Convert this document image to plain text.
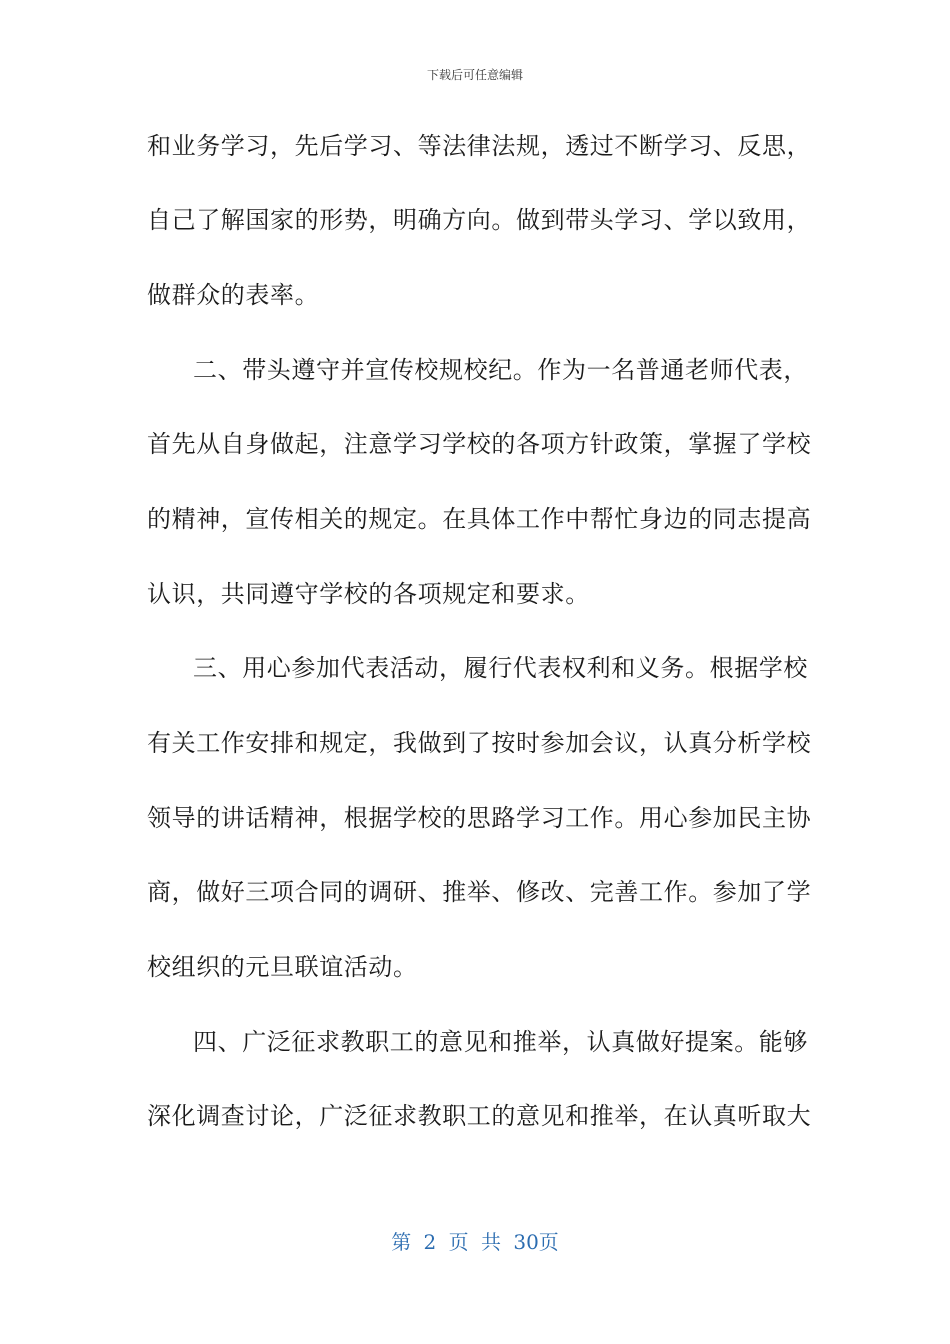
下载后可任意编辑
和业务学习，先后学习、等法律法规，透过不断学习、反思，
自己了解国家的形势，明确方向。做到带头学习、学以致用，
做群众的表率。
二、带头遵守并宣传校规校纪。作为一名普通老师代表，
首先从自身做起，注意学习学校的各项方针政策，掌握了学校
的精神，宣传相关的规定。在具体工作中帮忙身边的同志提高
认识，共同遵守学校的各项规定和要求。
三、用心参加代表活动，履行代表权利和义务。根据学校
有关工作安排和规定，我做到了按时参加会议，认真分析学校
领导的讲话精神，根据学校的思路学习工作。用心参加民主协
商，做好三项合同的调研、推举、修改、完善工作。参加了学
校组织的元旦联谊活动。
四、广泛征求教职工的意见和推举，认真做好提案。能够
深化调查讨论，广泛征求教职工的意见和推举，在认真听取大
第 2 页 共 30页
